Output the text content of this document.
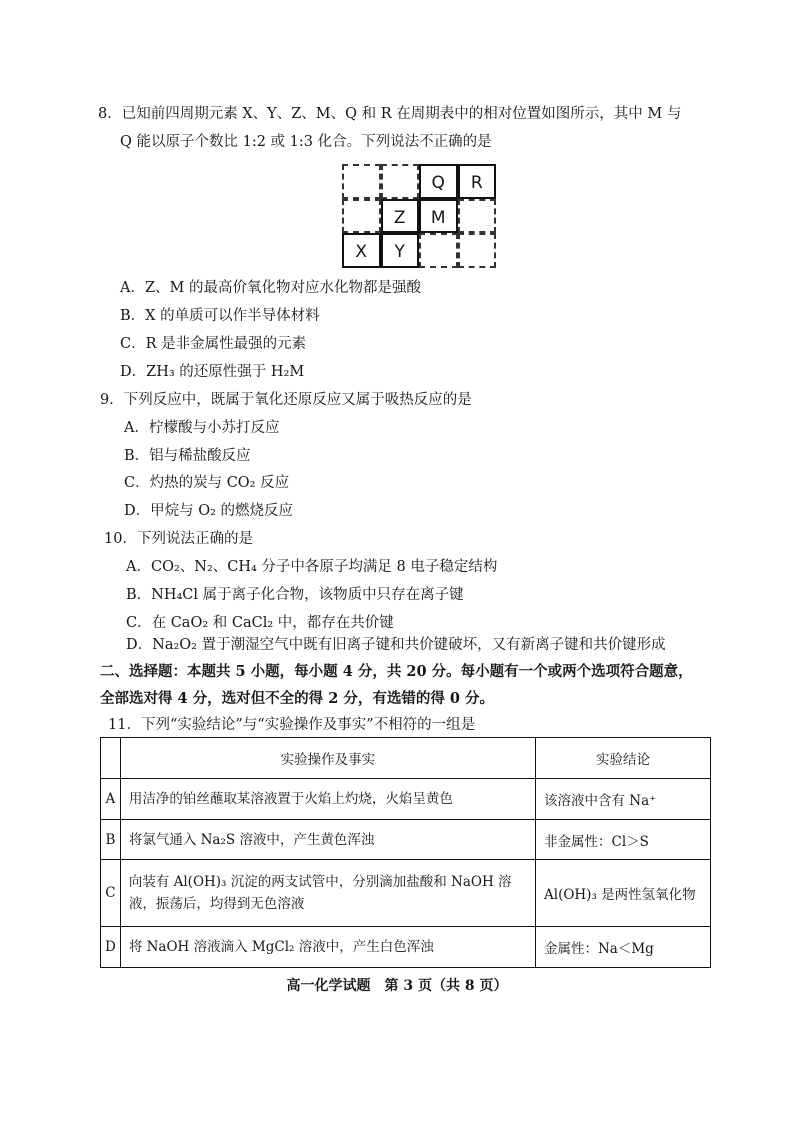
8．已知前四周期元素 X、Y、Z、M、Q 和 R 在周期表中的相对位置如图所示，其中 M 与
Q 能以原子个数比 1:2 或 1:3 化合。下列说法不正确的是
Q	R
Z	M
X	Y
A．Z、M 的最高价氧化物对应水化物都是强酸
B．X 的单质可以作半导体材料
C．R 是非金属性最强的元素
D．ZH₃ 的还原性强于 H₂M
9．下列反应中，既属于氧化还原反应又属于吸热反应的是
A．柠檬酸与小苏打反应
B．铝与稀盐酸反应
C．灼热的炭与 CO₂ 反应
D．甲烷与 O₂ 的燃烧反应
10．下列说法正确的是
A．CO₂、N₂、CH₄ 分子中各原子均满足 8 电子稳定结构
B．NH₄Cl 属于离子化合物，该物质中只存在离子键
C．在 CaO₂ 和 CaCl₂ 中，都存在共价键
D．Na₂O₂ 置于潮湿空气中既有旧离子键和共价键破坏，又有新离子键和共价键形成
二、选择题：本题共 5 小题，每小题 4 分，共 20 分。每小题有一个或两个选项符合题意，
全部选对得 4 分，选对但不全的得 2 分，有选错的得 0 分。
11．下列“实验结论”与“实验操作及事实”不相符的一组是
	实验操作及事实	实验结论
A	用洁净的铂丝蘸取某溶液置于火焰上灼烧，火焰呈黄色	该溶液中含有 Na⁺
B	将氯气通入 Na₂S 溶液中，产生黄色浑浊	非金属性：Cl＞S
C	向装有 Al(OH)₃ 沉淀的两支试管中，分别滴加盐酸和 NaOH 溶液，振荡后，均得到无色溶液	Al(OH)₃ 是两性氢氧化物
D	将 NaOH 溶液滴入 MgCl₂ 溶液中，产生白色浑浊	金属性：Na＜Mg
高一化学试题　第 3 页（共 8 页）
